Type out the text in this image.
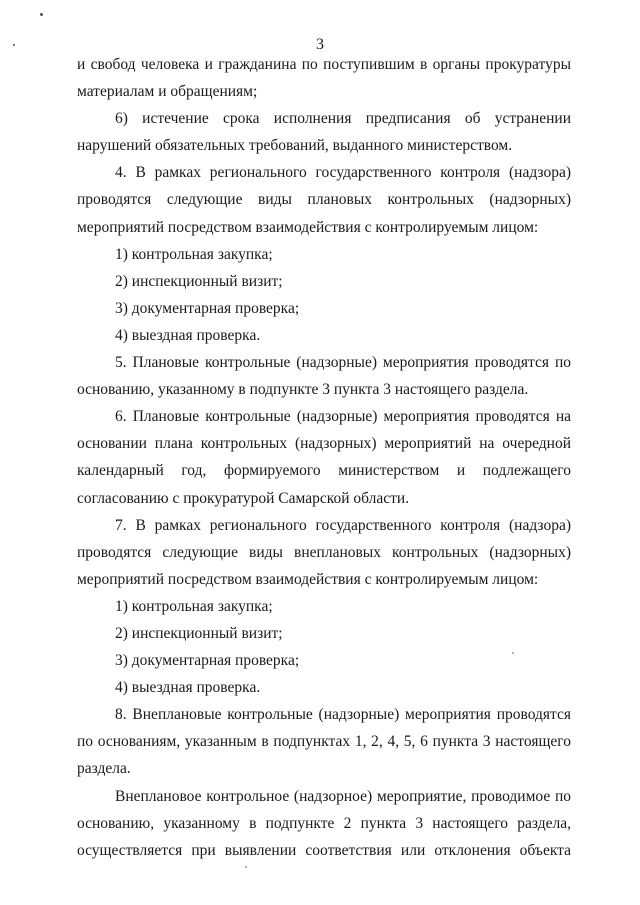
3
и свобод человека и гражданина по поступившим в органы прокуратуры
материалам и обращениям;
6) истечение срока исполнения предписания об устранении
нарушений обязательных требований, выданного министерством.
4. В рамках регионального государственного контроля (надзора)
проводятся следующие виды плановых контрольных (надзорных)
мероприятий посредством взаимодействия с контролируемым лицом:
1) контрольная закупка;
2) инспекционный визит;
3) документарная проверка;
4) выездная проверка.
5. Плановые контрольные (надзорные) мероприятия проводятся по
основанию, указанному в подпункте 3 пункта 3 настоящего раздела.
6. Плановые контрольные (надзорные) мероприятия проводятся на
основании плана контрольных (надзорных) мероприятий на очередной
календарный год, формируемого министерством и подлежащего
согласованию с прокуратурой Самарской области.
7. В рамках регионального государственного контроля (надзора)
проводятся следующие виды внеплановых контрольных (надзорных)
мероприятий посредством взаимодействия с контролируемым лицом:
1) контрольная закупка;
2) инспекционный визит;
3) документарная проверка;
4) выездная проверка.
8. Внеплановые контрольные (надзорные) мероприятия проводятся
по основаниям, указанным в подпунктах 1, 2, 4, 5, 6 пункта 3 настоящего
раздела.
Внеплановое контрольное (надзорное) мероприятие, проводимое по
основанию, указанному в подпункте 2 пункта 3 настоящего раздела,
осуществляется при выявлении соответствия или отклонения объекта
